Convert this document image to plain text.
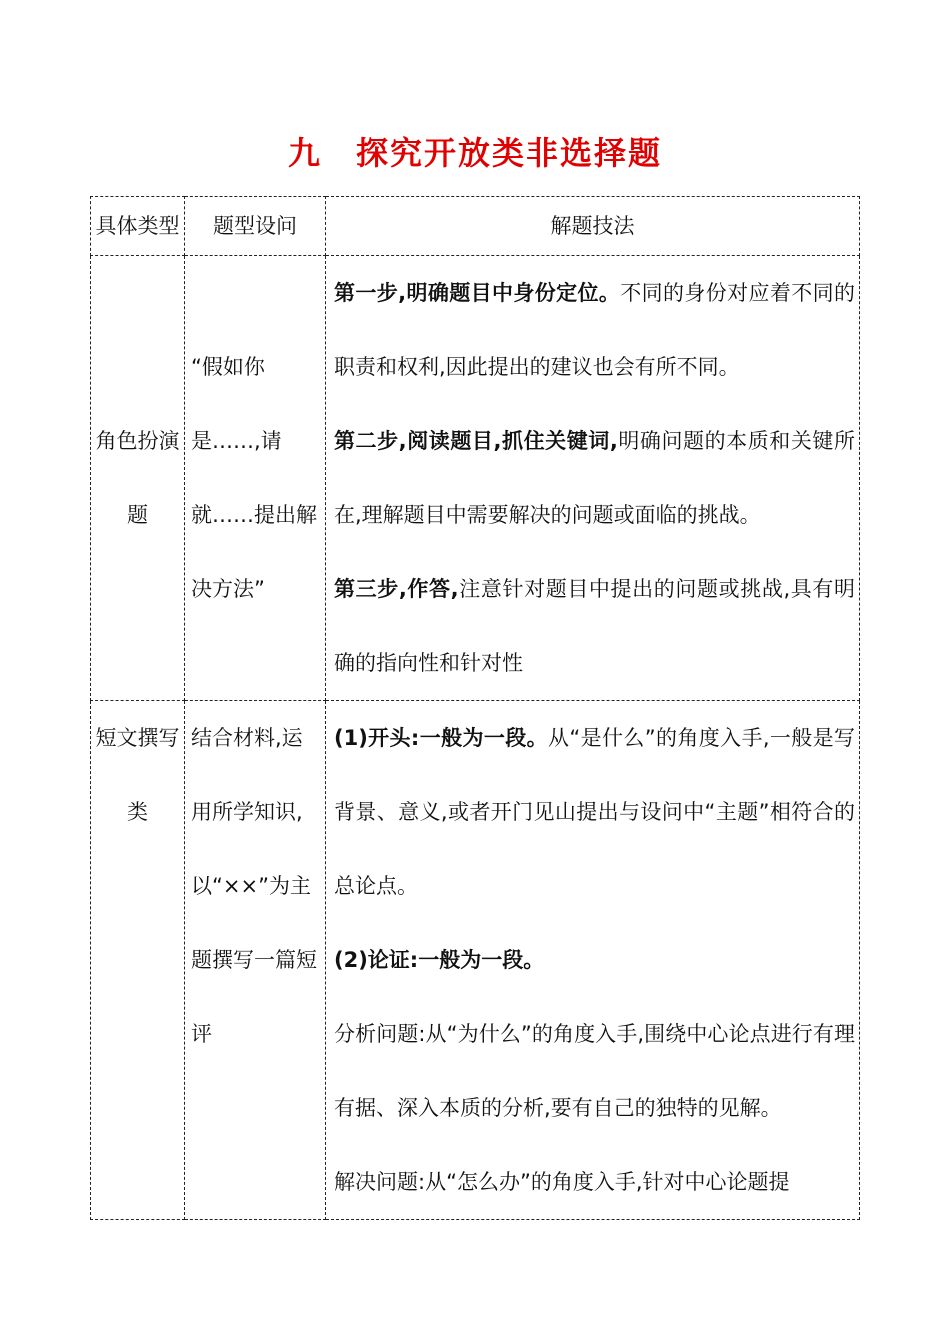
九 探究开放类非选择题
具体类型	题型设问	解题技法
角色扮演题	“假如你是……,请就……提出解决方法”	第一步,明确题目中身份定位。不同的身份对应着不同的职责和权利,因此提出的建议也会有所不同。

第二步,阅读题目,抓住关键词,明确问题的本质和关键所在,理解题目中需要解决的问题或面临的挑战。

第三步,作答,注意针对题目中提出的问题或挑战,具有明确的指向性和针对性

短文撰写类	结合材料,运用所学知识,以“××”为主题撰写一篇短评	(1)开头:一般为一段。从“是什么”的角度入手,一般是写背景、意义,或者开门见山提出与设问中“主题”相符合的总论点。

(2)论证:一般为一段。

分析问题:从“为什么”的角度入手,围绕中心论点进行有理有据、深入本质的分析,要有自己的独特的见解。

解决问题:从“怎么办”的角度入手,针对中心论题提
